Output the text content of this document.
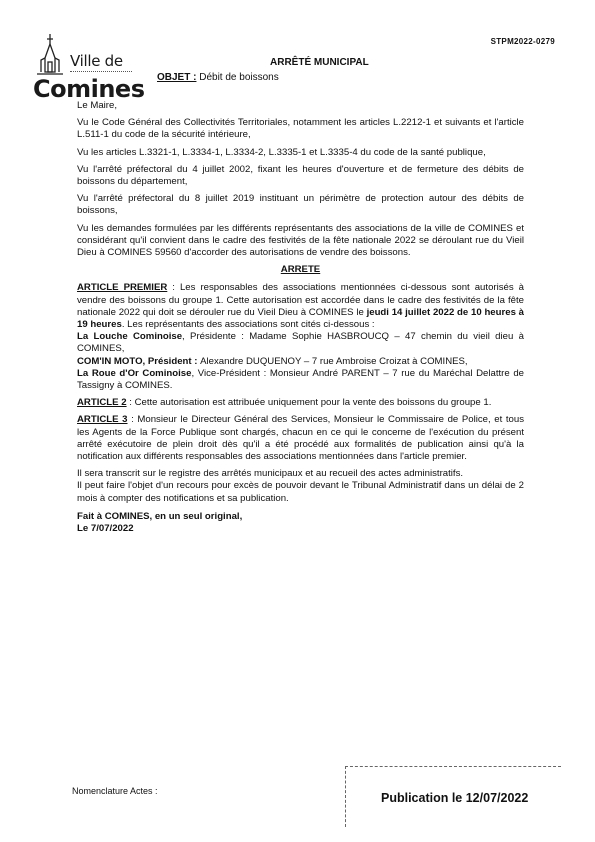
Ville de
Comines
STPM2022-0279
ARRÊTÉ MUNICIPAL
OBJET : Débit de boissons

Le Maire,

Vu le Code Général des Collectivités Territoriales, notamment les articles L.2212-1 et suivants et l'article L.511-1 du code de la sécurité intérieure,

Vu les articles L.3321-1, L.3334-1, L.3334-2, L.3335-1 et L.3335-4 du code de la santé publique,

Vu l'arrêté préfectoral du 4 juillet 2002, fixant les heures d'ouverture et de fermeture des débits de boissons du département,

Vu l'arrêté préfectoral du 8 juillet 2019 instituant un périmètre de protection autour des débits de boissons,

Vu les demandes formulées par les différents représentants des associations de la ville de COMINES et considérant qu'il convient dans le cadre des festivités de la fête nationale 2022 se déroulant rue du Vieil Dieu à COMINES 59560 d'accorder des autorisations de vendre des boissons.

ARRETE

ARTICLE PREMIER : Les responsables des associations mentionnées ci-dessous sont autorisés à vendre des boissons du groupe 1. Cette autorisation est accordée dans le cadre des festivités de la fête nationale 2022 qui doit se dérouler rue du Vieil Dieu à COMINES le jeudi 14 juillet 2022 de 10 heures à 19 heures. Les représentants des associations sont cités ci-dessous :

La Louche Cominoise, Présidente : Madame Sophie HASBROUCQ – 47 chemin du vieil dieu à COMINES,

COM'IN MOTO, Président : Alexandre DUQUENOY – 7 rue Ambroise Croizat à COMINES,

La Roue d'Or Cominoise, Vice-Président : Monsieur André PARENT – 7 rue du Maréchal Delattre de Tassigny à COMINES.

ARTICLE 2 : Cette autorisation est attribuée uniquement pour la vente des boissons du groupe 1.

ARTICLE 3 : Monsieur le Directeur Général des Services, Monsieur le Commissaire de Police, et tous les Agents de la Force Publique sont chargés, chacun en ce qui le concerne de l'exécution du présent arrêté exécutoire de plein droit dès qu'il a été procédé aux formalités de publication ainsi qu'à la notification aux différents responsables des associations mentionnées dans l'article premier.

Il sera transcrit sur le registre des arrêtés municipaux et au recueil des actes administratifs.

Il peut faire l'objet d'un recours pour excès de pouvoir devant le Tribunal Administratif dans un délai de 2 mois à compter des notifications et sa publication.

Fait à COMINES, en un seul original,

Le 7/07/2022

Nomenclature Actes :	Publication le 12/07/2022
